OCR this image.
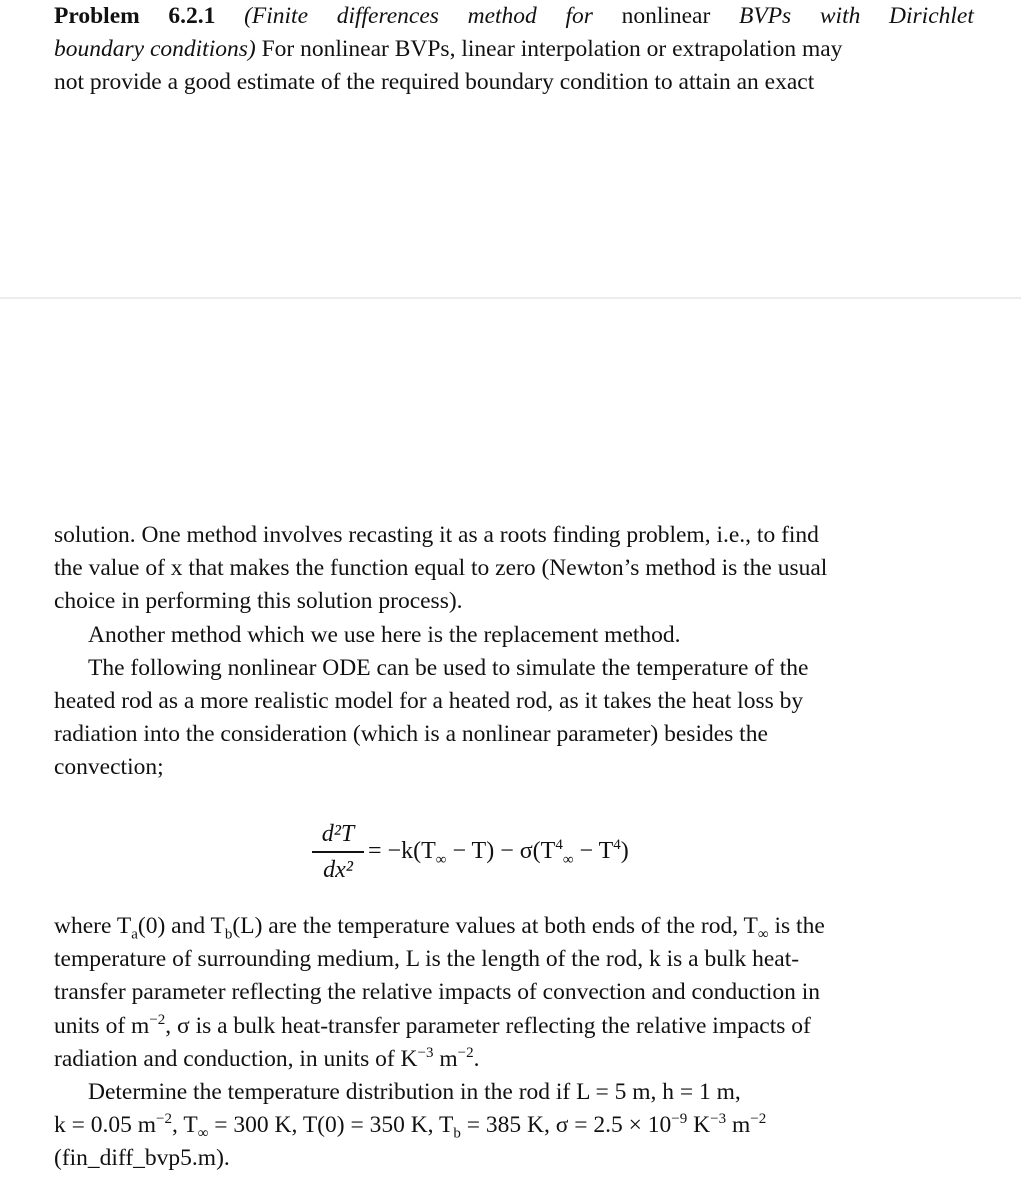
Problem 6.2.1 (Finite differences method for nonlinear BVPs with Dirichlet
boundary conditions) For nonlinear BVPs, linear interpolation or extrapolation may
not provide a good estimate of the required boundary condition to attain an exact
solution. One method involves recasting it as a roots finding problem, i.e., to find
the value of x that makes the function equal to zero (Newton’s method is the usual
choice in performing this solution process).
Another method which we use here is the replacement method.
The following nonlinear ODE can be used to simulate the temperature of the
heated rod as a more realistic model for a heated rod, as it takes the heat loss by
radiation into the consideration (which is a nonlinear parameter) besides the
convection;
d²T
dx²
= $-k(T_\infty - T) - \sigma(T^4_\infty - T^4)$
where $T_a(0)$ and $T_b(L)$ are the temperature values at both ends of the rod, $T_\infty$ is the
temperature of surrounding medium, L is the length of the rod, k is a bulk heat-
transfer parameter reflecting the relative impacts of convection and conduction in
units of $m^{-2}$, σ is a bulk heat-transfer parameter reflecting the relative impacts of
radiation and conduction, in units of $K^{-3}$ $m^{-2}$.
Determine the temperature distribution in the rod if L = 5 m, h = 1 m,
k = 0.05 $m^{-2}$, $T_\infty = 300$ K, T(0) = 350 K, $T_b = 385$ K, $\sigma = 2.5 \times 10^{-9}$ $K^{-3}$ $m^{-2}$
(fin_diff_bvp5.m).
